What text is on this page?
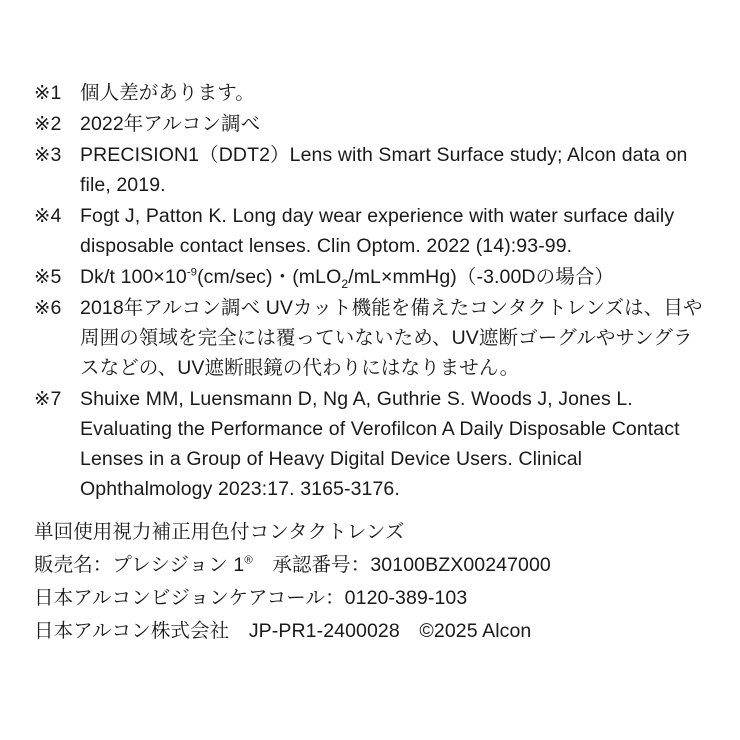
※1 個人差があります。
※2 2022年アルコン調べ
※3 PRECISION1（DDT2）Lens with Smart Surface study; Alcon data on file, 2019.
※4 Fogt J, Patton K. Long day wear experience with water surface daily disposable contact lenses. Clin Optom. 2022 (14):93-99.
※5 Dk/t $100\times 10^{-9}(cm/\sec)$・(mLO$_2$/mL×mmHg)（-3.00Dの場合）
※6 2018年アルコン調べ UVカット機能を備えたコンタクトレンズは、目や周囲の領域を完全には覆っていないため、UV遮断ゴーグルやサングラスなどの、UV遮断眼鏡の代わりにはなりません。
※7 Shuixe MM, Luensmann D, Ng A, Guthrie S. Woods J, Jones L. Evaluating the Performance of Verofilcon A Daily Disposable Contact Lenses in a Group of Heavy Digital Device Users. Clinical Ophthalmology 2023:17. 3165-3176.
単回使用視力補正用色付コンタクトレンズ
販売名：プレシジョン 1®　承認番号：30100BZX00247000
日本アルコンビジョンケアコール：0120-389-103
日本アルコン株式会社　JP-PR1-2400028　©2025 Alcon
